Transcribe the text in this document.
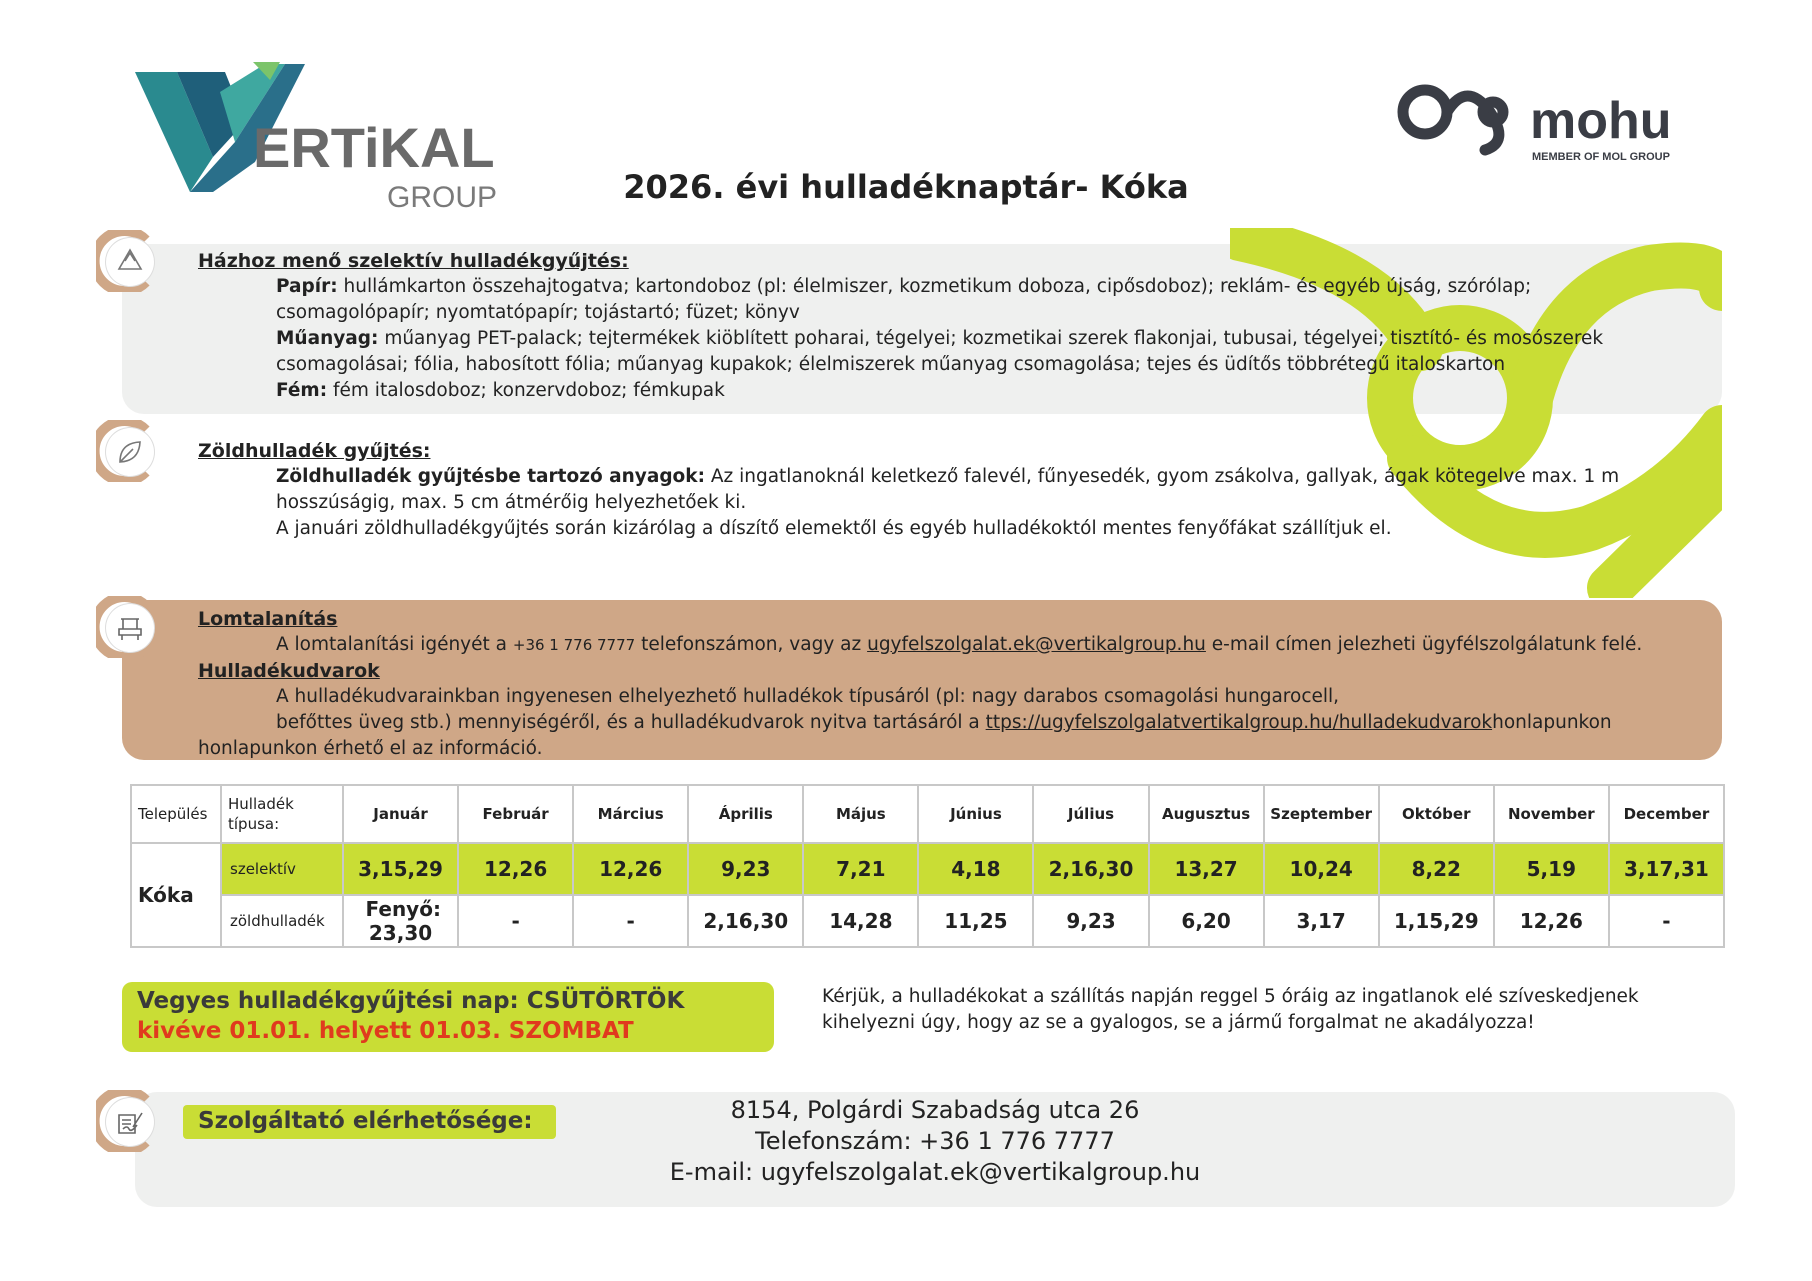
ERTiKAL
GROUP
mohu
MEMBER OF MOL GROUP
2026. évi hulladéknaptár- Kóka
Házhoz menő szelektív hulladékgyűjtés:
Papír: hullámkarton összehajtogatva; kartondoboz (pl: élelmiszer, kozmetikum doboza, cipősdoboz); reklám- és egyéb újság, szórólap;
csomagolópapír; nyomtatópapír; tojástartó; füzet; könyv
Műanyag: műanyag PET-palack; tejtermékek kiöblített poharai, tégelyei; kozmetikai szerek flakonjai, tubusai, tégelyei; tisztító- és mosószerek
csomagolásai; fólia, habosított fólia; műanyag kupakok; élelmiszerek műanyag csomagolása; tejes és üdítős többrétegű italoskarton
Fém: fém italosdoboz; konzervdoboz; fémkupak
Zöldhulladék gyűjtés:
Zöldhulladék gyűjtésbe tartozó anyagok: Az ingatlanoknál keletkező falevél, fűnyesedék, gyom zsákolva, gallyak, ágak kötegelve max. 1 m
hosszúságig, max. 5 cm átmérőig helyezhetőek ki.
A januári zöldhulladékgyűjtés során kizárólag a díszítő elemektől és egyéb hulladékoktól mentes fenyőfákat szállítjuk el.
Lomtalanítás
A lomtalanítási igényét a +36 1 776 7777 telefonszámon, vagy az ugyfelszolgalat.ek@vertikalgroup.hu e-mail címen jelezheti ügyfélszolgálatunk felé.
Hulladékudvarok
A hulladékudvarainkban ingyenesen elhelyezhető hulladékok típusáról (pl: nagy darabos csomagolási hungarocell,
befőttes üveg stb.) mennyiségéről, és a hulladékudvarok nyitva tartásáról a ttps://ugyfelszolgalatvertikalgroup.hu/hulladekudvarokhonlapunkon
honlapunkon érhető el az információ.
Település	Hulladék típusa:	Január	Február	Március	Április	Május	Június	Július	Augusztus	Szeptember	Október	November	December
Kóka	szelektív	3,15,29	12,26	12,26	9,23	7,21	4,18	2,16,30	13,27	10,24	8,22	5,19	3,17,31
	zöldhulladék	Fenyő: 23,30	-	-	2,16,30	14,28	11,25	9,23	6,20	3,17	1,15,29	12,26	-
Vegyes hulladékgyűjtési nap: CSÜTÖRTÖK
kivéve 01.01. helyett 01.03. SZOMBAT
Kérjük, a hulladékokat a szállítás napján reggel 5 óráig az ingatlanok elé szíveskedjenek
kihelyezni úgy, hogy az se a gyalogos, se a jármű forgalmat ne akadályozza!
Szolgáltató elérhetősége:	8154, Polgárdi Szabadság utca 26
Telefonszám: +36 1 776 7777
E-mail: ugyfelszolgalat.ek@vertikalgroup.hu
